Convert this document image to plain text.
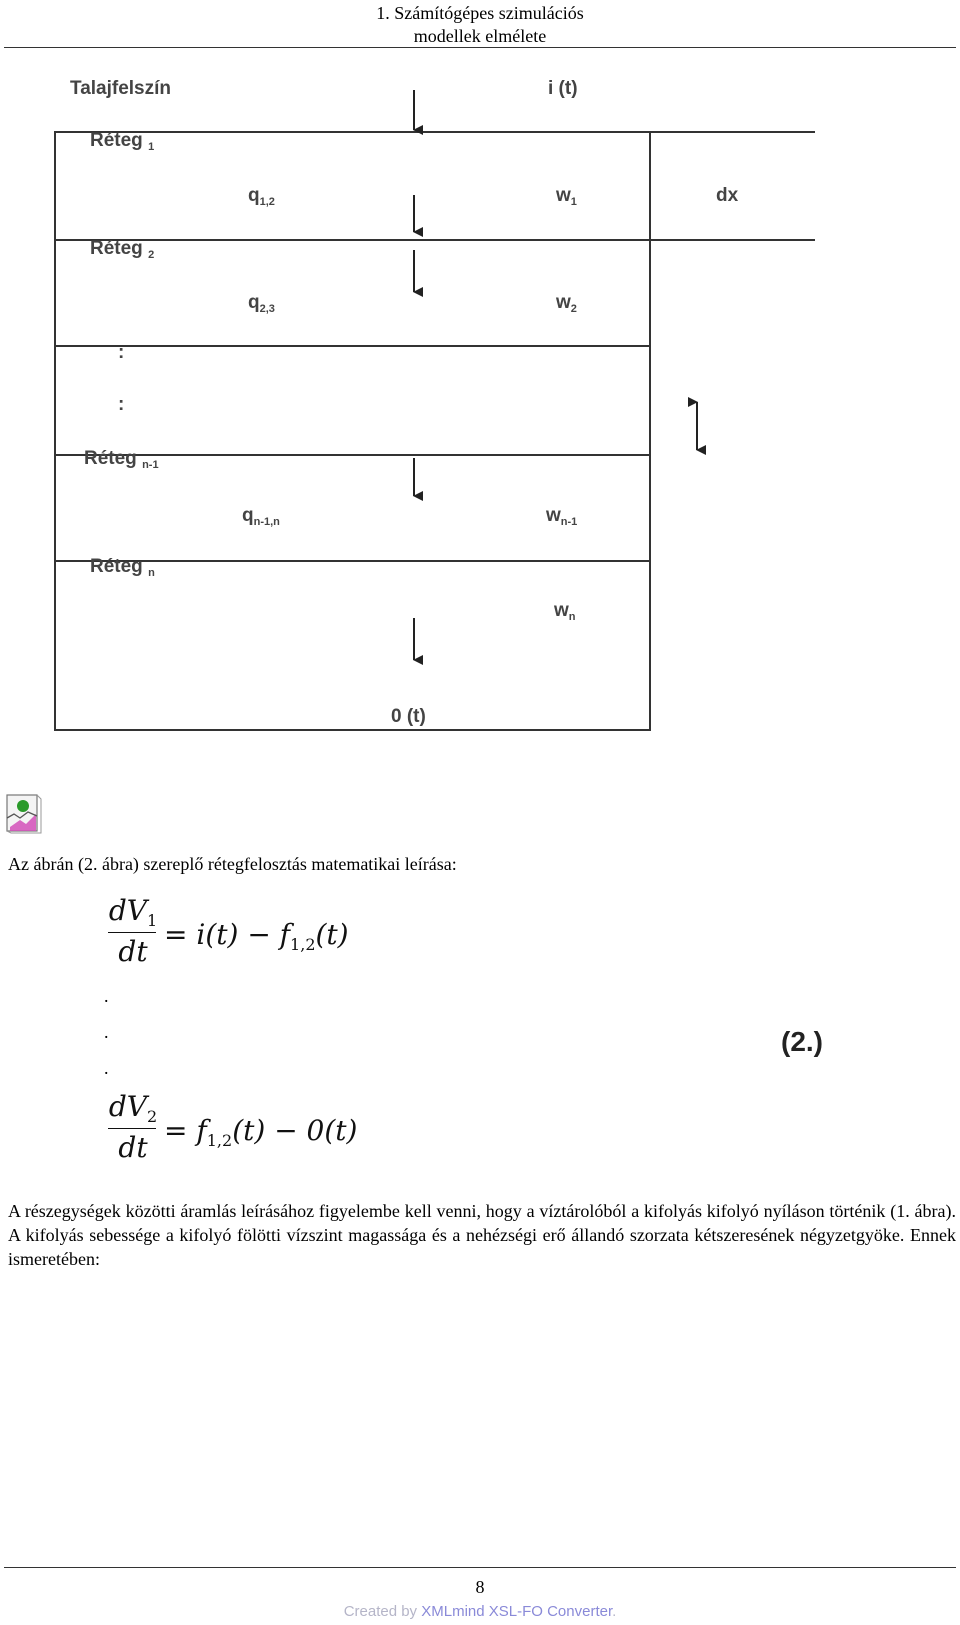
1. Számítógépes szimulációs
modellek elmélete
Talajfelszín	i (t)
Réteg $_1$
$q_{1,2}$	$w_1$	dx
Réteg $_2$
$q_{2,3}$	$w_2$
:
:
Réteg $_{n-1}$
$q_{n-1,n}$	$w_{n-1}$
Réteg $_n$
$w_n$
0 (t)
Az ábrán (2. ábra) szereplő rétegfelosztás matematikai leírása:
$dV_1$
dt
= $i(t) - f_{1,2}(t)$
.
.
.
(2.)
$dV_2$
dt
= $f_{1,2}(t) - 0(t)$
A részegységek közötti áramlás leírásához figyelembe kell venni, hogy a víztárolóból a kifolyás kifolyó nyíláson történik (1. ábra). A kifolyás sebessége a kifolyó fölötti vízszint magassága és a nehézségi erő állandó szorzata kétszeresének négyzetgyöke. Ennek ismeretében:
8
Created by XMLmind XSL-FO Converter.
